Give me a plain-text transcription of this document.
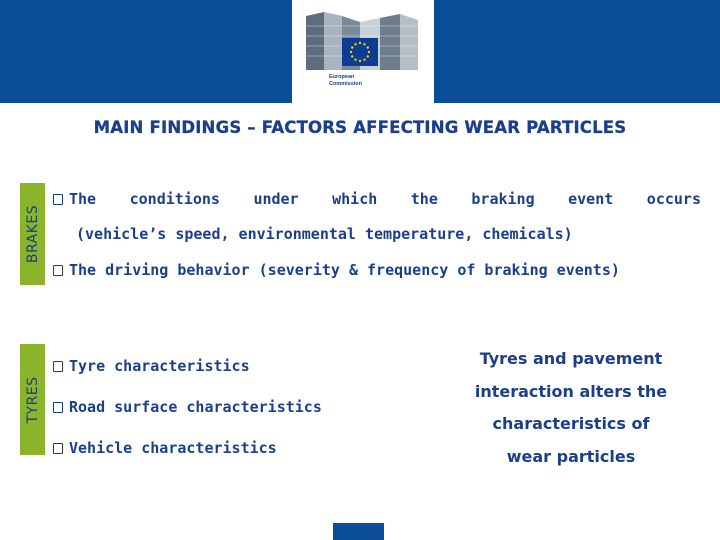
European
Commission
MAIN FINDINGS – FACTORS AFFECTING WEAR PARTICLES
BRAKES
The conditions under which the braking event occurs
(vehicle’s speed, environmental temperature, chemicals)
The driving behavior (severity & frequency of braking events)
TYRES
Tyre characteristics
Road surface characteristics
Vehicle characteristics
Tyres and pavement
interaction alters the
characteristics of
wear particles
